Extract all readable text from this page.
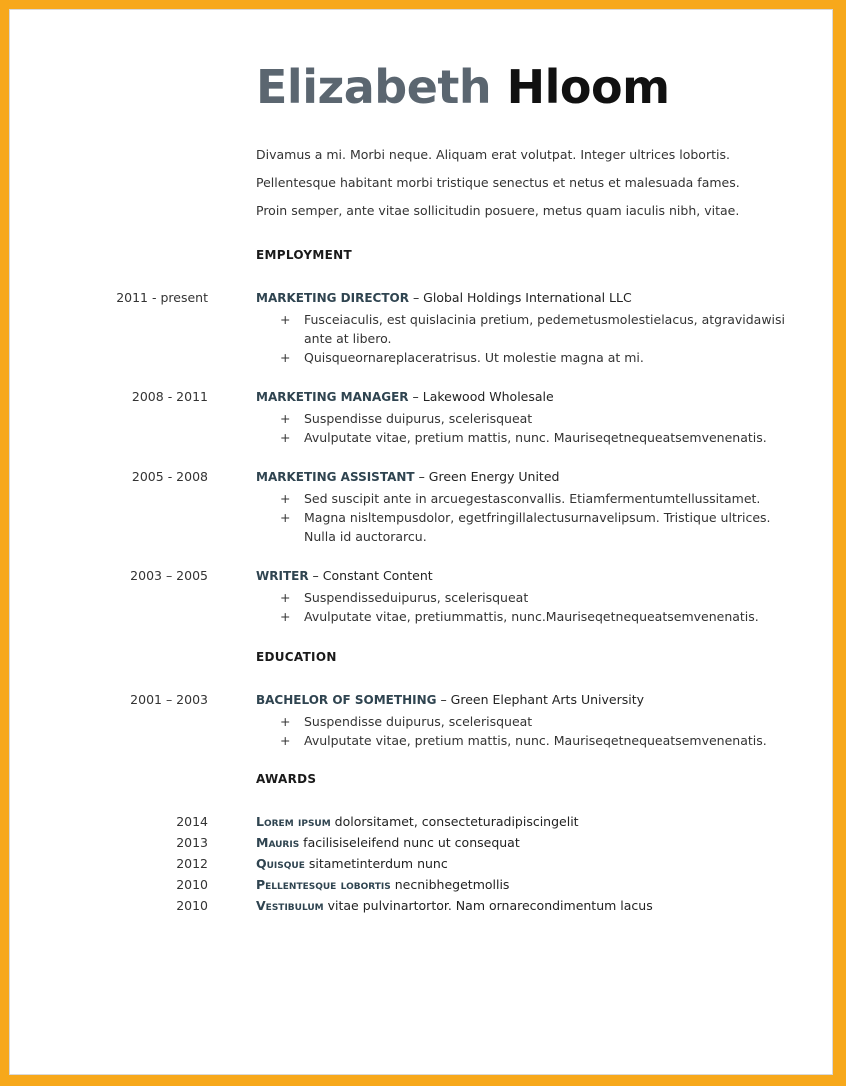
Elizabeth Hloom

Divamus a mi. Morbi neque. Aliquam erat volutpat. Integer ultrices lobortis.

Pellentesque habitant morbi tristique senectus et netus et malesuada fames.

Proin semper, ante vitae sollicitudin posuere, metus quam iaculis nibh, vitae.

EMPLOYMENT
2011 - present	MARKETING DIRECTOR – Global Holdings International LLC
+ Fusceiaculis, est quislacinia pretium, pedemetusmolestielacus, atgravidawisi ante at libero.
+ Quisqueornareplaceratrisus. Ut molestie magna at mi.
2008 - 2011	MARKETING MANAGER – Lakewood Wholesale
+ Suspendisse duipurus, scelerisqueat
+ Avulputate vitae, pretium mattis, nunc. Mauriseqetnequeatsemvenenatis.
2005 - 2008	MARKETING ASSISTANT – Green Energy United
+ Sed suscipit ante in arcuegestasconvallis. Etiamfermentumtellussitamet.
+ Magna nisltempusdolor, egetfringillalectusurnavelipsum. Tristique ultrices. Nulla id auctorarcu.
2003 – 2005	WRITER – Constant Content
+ Suspendisseduipurus, scelerisqueat
+ Avulputate vitae, pretiummattis, nunc.Mauriseqetnequeatsemvenenatis.
EDUCATION
2001 – 2003	BACHELOR OF SOMETHING – Green Elephant Arts University
+ Suspendisse duipurus, scelerisqueat
+ Avulputate vitae, pretium mattis, nunc. Mauriseqetnequeatsemvenenatis.
AWARDS
2014	Lorem ipsum dolorsitamet, consecteturadipiscingelit
2013	Mauris facilisiseleifend nunc ut consequat
2012	Quisque sitametinterdum nunc
2010	Pellentesque lobortis necnibhegetmollis
2010	Vestibulum vitae pulvinartortor. Nam ornarecondimentum lacus
